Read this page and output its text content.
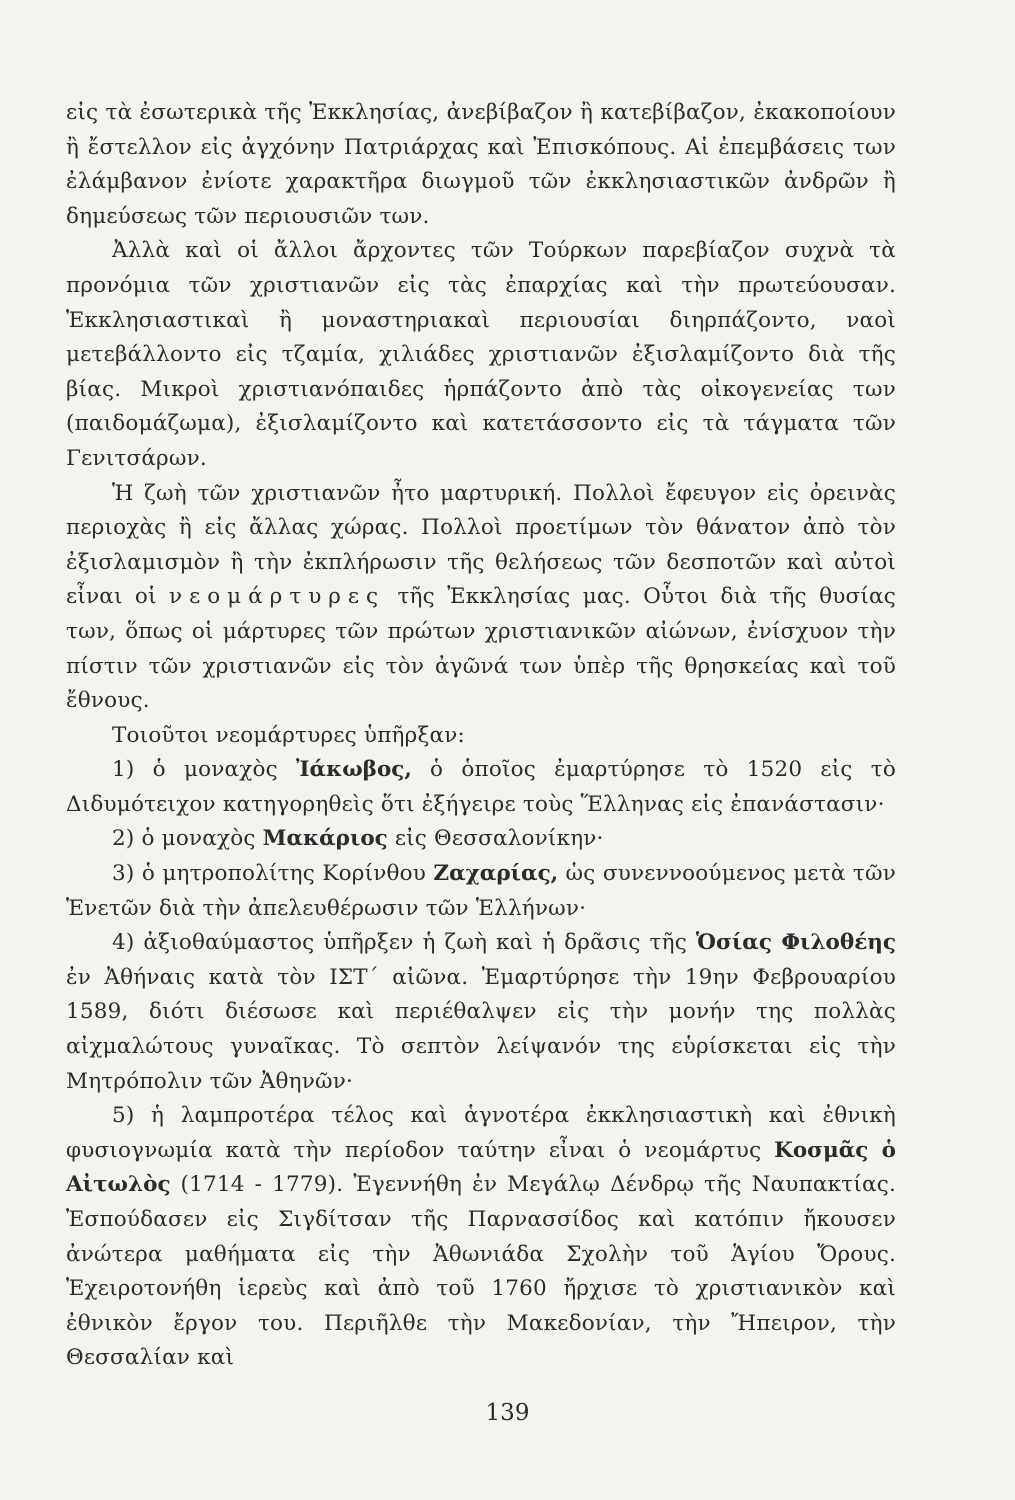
εἰς τὰ ἐσωτερικὰ τῆς Ἐκκλησίας, ἀνεβίβαζον ἢ κατεβίβαζον, ἐκακοποίουν ἢ ἔστελλον εἰς ἀγχόνην Πατριάρχας καὶ Ἐπισκόπους. Αἱ ἐπεμβάσεις των ἐλάμβανον ἐνίοτε χαρακτῆρα διωγμοῦ τῶν ἐκκλησιαστικῶν ἀνδρῶν ἢ δημεύσεως τῶν περιουσιῶν των.

Ἀλλὰ καὶ οἱ ἄλλοι ἄρχοντες τῶν Τούρκων παρεβίαζον συχνὰ τὰ προνόμια τῶν χριστιανῶν εἰς τὰς ἐπαρχίας καὶ τὴν πρωτεύουσαν. Ἐκκλησιαστικαὶ ἢ μοναστηριακαὶ περιουσίαι διηρπάζοντο, ναοὶ μετεβάλλοντο εἰς τζαμία, χιλιάδες χριστιανῶν ἐξισλαμίζοντο διὰ τῆς βίας. Μικροὶ χριστιανόπαιδες ἡρπάζοντο ἀπὸ τὰς οἰκογενείας των (παιδομάζωμα), ἐξισλαμίζοντο καὶ κατετάσσοντο εἰς τὰ τάγματα τῶν Γενιτσάρων.

Ἡ ζωὴ τῶν χριστιανῶν ἦτο μαρτυρική. Πολλοὶ ἔφευγον εἰς ὀρεινὰς περιοχὰς ἢ εἰς ἄλλας χώρας. Πολλοὶ προετίμων τὸν θάνατον ἀπὸ τὸν ἐξισλαμισμὸν ἢ τὴν ἐκπλήρωσιν τῆς θελήσεως τῶν δεσποτῶν καὶ αὐτοὶ εἶναι οἱ νεομάρτυρες τῆς Ἐκκλησίας μας. Οὗτοι διὰ τῆς θυσίας των, ὅπως οἱ μάρτυρες τῶν πρώτων χριστιανικῶν αἰώνων, ἐνίσχυον τὴν πίστιν τῶν χριστιανῶν εἰς τὸν ἀγῶνά των ὑπὲρ τῆς θρησκείας καὶ τοῦ ἔθνους.

Τοιοῦτοι νεομάρτυρες ὑπῆρξαν:

1) ὁ μοναχὸς Ἰάκωβος, ὁ ὁποῖος ἐμαρτύρησε τὸ 1520 εἰς τὸ Διδυμότειχον κατηγορηθεὶς ὅτι ἐξήγειρε τοὺς Ἕλληνας εἰς ἐπανάστασιν·

2) ὁ μοναχὸς Μακάριος εἰς Θεσσαλονίκην·

3) ὁ μητροπολίτης Κορίνθου Ζαχαρίας, ὡς συνεννοούμενος μετὰ τῶν Ἑνετῶν διὰ τὴν ἀπελευθέρωσιν τῶν Ἑλλήνων·

4) ἀξιοθαύμαστος ὑπῆρξεν ἡ ζωὴ καὶ ἡ δρᾶσις τῆς Ὁσίας Φιλοθέης ἐν Ἀθήναις κατὰ τὸν ΙΣΤ΄ αἰῶνα. Ἐμαρτύρησε τὴν 19ην Φεβρουαρίου 1589, διότι διέσωσε καὶ περιέθαλψεν εἰς τὴν μονήν της πολλὰς αἰχμαλώτους γυναῖκας. Τὸ σεπτὸν λείψανόν της εὑρίσκεται εἰς τὴν Μητρόπολιν τῶν Ἀθηνῶν·

5) ἡ λαμπροτέρα τέλος καὶ ἁγνοτέρα ἐκκλησιαστικὴ καὶ ἐθνικὴ φυσιογνωμία κατὰ τὴν περίοδον ταύτην εἶναι ὁ νεομάρτυς Κοσμᾶς ὁ Αἰτωλὸς (1714 - 1779). Ἐγεννήθη ἐν Μεγάλῳ Δένδρῳ τῆς Ναυπακτίας. Ἐσπούδασεν εἰς Σιγδίτσαν τῆς Παρνασσίδος καὶ κατόπιν ἤκουσεν ἀνώτερα μαθήματα εἰς τὴν Ἀθωνιάδα Σχολὴν τοῦ Ἁγίου Ὄρους. Ἐχειροτονήθη ἱερεὺς καὶ ἀπὸ τοῦ 1760 ἤρχισε τὸ χριστιανικὸν καὶ ἐθνικὸν ἔργον του. Περιῆλθε τὴν Μακεδονίαν, τὴν Ἤπειρον, τὴν Θεσσαλίαν καὶ

139
